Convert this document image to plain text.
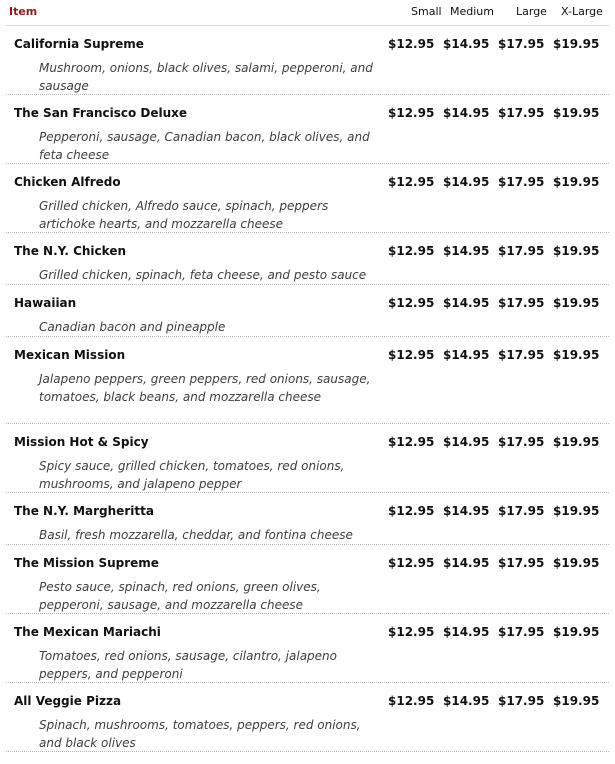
Item	Small Medium Large X-Large
California Supreme
Mushroom, onions, black olives, salami, pepperoni, and sausage
$12.95 $14.95 $17.95 $19.95
The San Francisco Deluxe
Pepperoni, sausage, Canadian bacon, black olives, and feta cheese
$12.95 $14.95 $17.95 $19.95
Chicken Alfredo
Grilled chicken, Alfredo sauce, spinach, peppers artichoke hearts, and mozzarella cheese
$12.95 $14.95 $17.95 $19.95
The N.Y. Chicken
Grilled chicken, spinach, feta cheese, and pesto sauce
$12.95 $14.95 $17.95 $19.95
Hawaiian
Canadian bacon and pineapple
$12.95 $14.95 $17.95 $19.95
Mexican Mission
Jalapeno peppers, green peppers, red onions, sausage, tomatoes, black beans, and mozzarella cheese
$12.95 $14.95 $17.95 $19.95
Mission Hot & Spicy
Spicy sauce, grilled chicken, tomatoes, red onions, mushrooms, and jalapeno pepper
$12.95 $14.95 $17.95 $19.95
The N.Y. Margheritta
Basil, fresh mozzarella, cheddar, and fontina cheese
$12.95 $14.95 $17.95 $19.95
The Mission Supreme
Pesto sauce, spinach, red onions, green olives, pepperoni, sausage, and mozzarella cheese
$12.95 $14.95 $17.95 $19.95
The Mexican Mariachi
Tomatoes, red onions, sausage, cilantro, jalapeno peppers, and pepperoni
$12.95 $14.95 $17.95 $19.95
All Veggie Pizza
Spinach, mushrooms, tomatoes, peppers, red onions, and black olives
$12.95 $14.95 $17.95 $19.95
